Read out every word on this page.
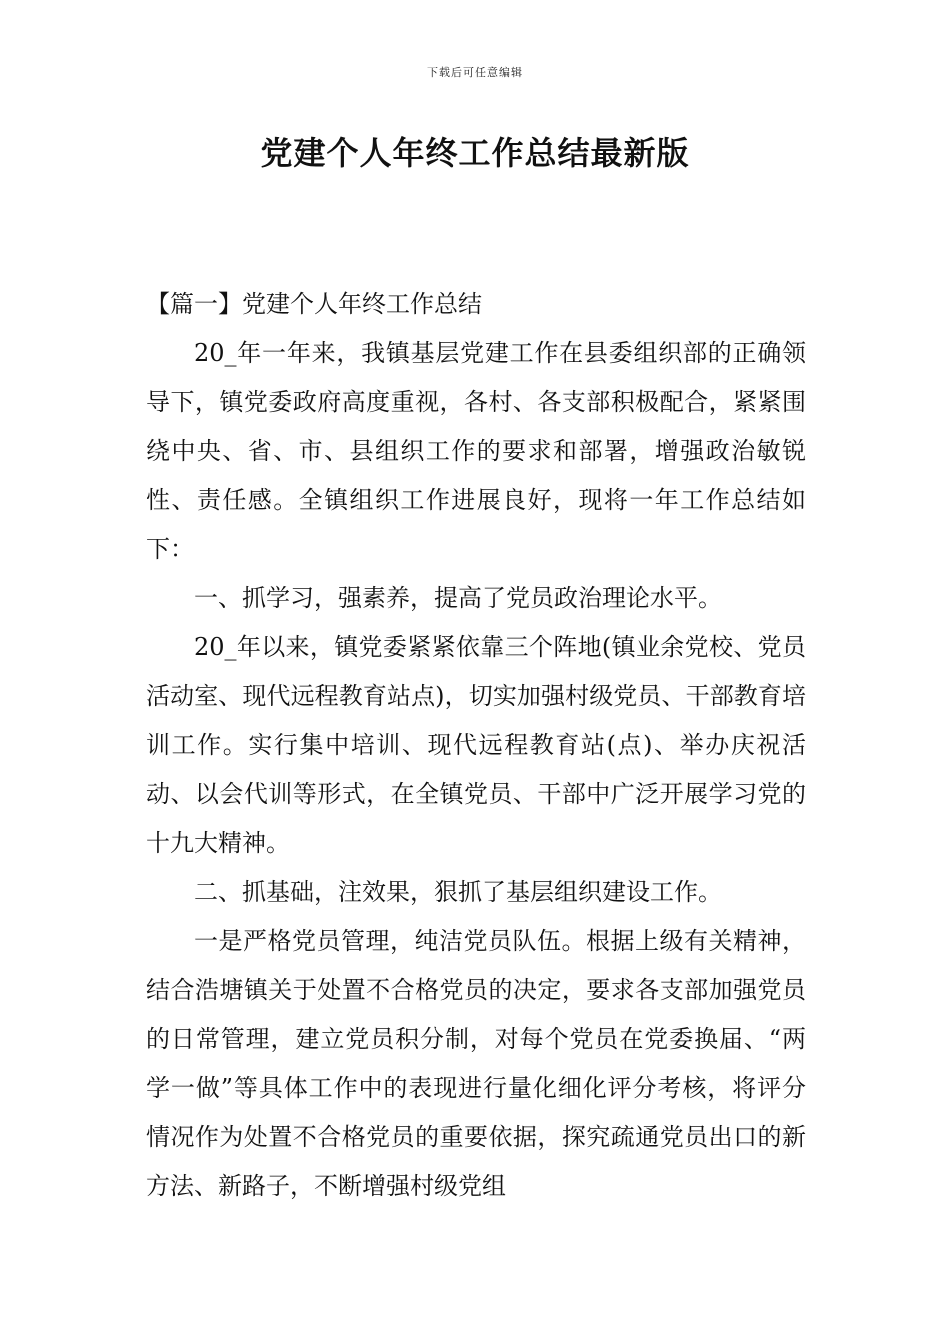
下载后可任意编辑
党建个人年终工作总结最新版

【篇一】党建个人年终工作总结

20_年一年来，我镇基层党建工作在县委组织部的正确领导下，镇党委政府高度重视，各村、各支部积极配合，紧紧围绕中央、省、市、县组织工作的要求和部署，增强政治敏锐性、责任感。全镇组织工作进展良好，现将一年工作总结如下：

一、抓学习，强素养，提高了党员政治理论水平。

20_年以来，镇党委紧紧依靠三个阵地(镇业余党校、党员活动室、现代远程教育站点)，切实加强村级党员、干部教育培训工作。实行集中培训、现代远程教育站(点)、举办庆祝活动、以会代训等形式，在全镇党员、干部中广泛开展学习党的十九大精神。

二、抓基础，注效果，狠抓了基层组织建设工作。

一是严格党员管理，纯洁党员队伍。根据上级有关精神，结合浩塘镇关于处置不合格党员的决定，要求各支部加强党员的日常管理，建立党员积分制，对每个党员在党委换届、“两学一做”等具体工作中的表现进行量化细化评分考核，将评分情况作为处置不合格党员的重要依据，探究疏通党员出口的新方法、新路子，不断增强村级党组
